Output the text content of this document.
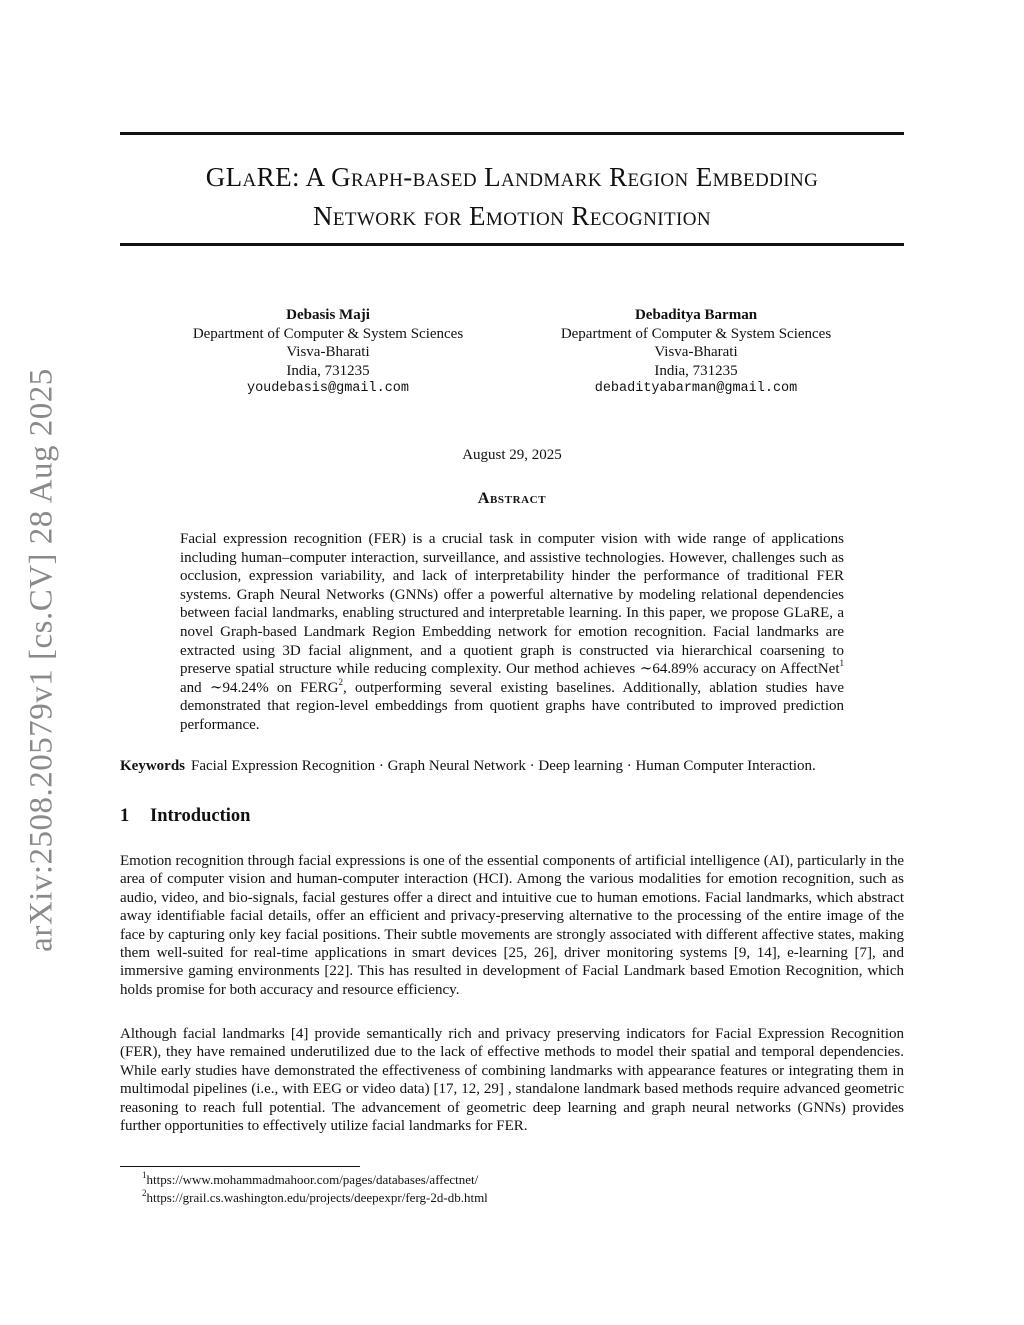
arXiv:2508.20579v1 [cs.CV] 28 Aug 2025
GLaRE: A Graph-based Landmark Region Embedding
Network for Emotion Recognition
Debasis Maji
Department of Computer & System Sciences
Visva-Bharati
India, 731235
youdebasis@gmail.com
Debaditya Barman
Department of Computer & System Sciences
Visva-Bharati
India, 731235
debadityabarman@gmail.com
August 29, 2025
Abstract

Facial expression recognition (FER) is a crucial task in computer vision with wide range of applications including human–computer interaction, surveillance, and assistive technologies. However, challenges such as occlusion, expression variability, and lack of interpretability hinder the performance of traditional FER systems. Graph Neural Networks (GNNs) offer a powerful alternative by modeling relational dependencies between facial landmarks, enabling structured and interpretable learning. In this paper, we propose GLaRE, a novel Graph-based Landmark Region Embedding network for emotion recognition. Facial landmarks are extracted using 3D facial alignment, and a quotient graph is constructed via hierarchical coarsening to preserve spatial structure while reducing complexity. Our method achieves ∼64.89% accuracy on AffectNet$^1$ and ∼94.24% on FERG$^2$, outperforming several existing baselines. Additionally, ablation studies have demonstrated that region-level embeddings from quotient graphs have contributed to improved prediction performance.

Keywords Facial Expression Recognition · Graph Neural Network · Deep learning · Human Computer Interaction.
1 Introduction

Emotion recognition through facial expressions is one of the essential components of artificial intelligence (AI), particularly in the area of computer vision and human-computer interaction (HCI). Among the various modalities for emotion recognition, such as audio, video, and bio-signals, facial gestures offer a direct and intuitive cue to human emotions. Facial landmarks, which abstract away identifiable facial details, offer an efficient and privacy-preserving alternative to the processing of the entire image of the face by capturing only key facial positions. Their subtle movements are strongly associated with different affective states, making them well-suited for real-time applications in smart devices [25, 26], driver monitoring systems [9, 14], e-learning [7], and immersive gaming environments [22]. This has resulted in development of Facial Landmark based Emotion Recognition, which holds promise for both accuracy and resource efficiency.

Although facial landmarks [4] provide semantically rich and privacy preserving indicators for Facial Expression Recognition (FER), they have remained underutilized due to the lack of effective methods to model their spatial and temporal dependencies. While early studies have demonstrated the effectiveness of combining landmarks with appearance features or integrating them in multimodal pipelines (i.e., with EEG or video data) [17, 12, 29] , standalone landmark based methods require advanced geometric reasoning to reach full potential. The advancement of geometric deep learning and graph neural networks (GNNs) provides further opportunities to effectively utilize facial landmarks for FER.

$^1$https://www.mohammadmahoor.com/pages/databases/affectnet/
$^2$https://grail.cs.washington.edu/projects/deepexpr/ferg-2d-db.html
